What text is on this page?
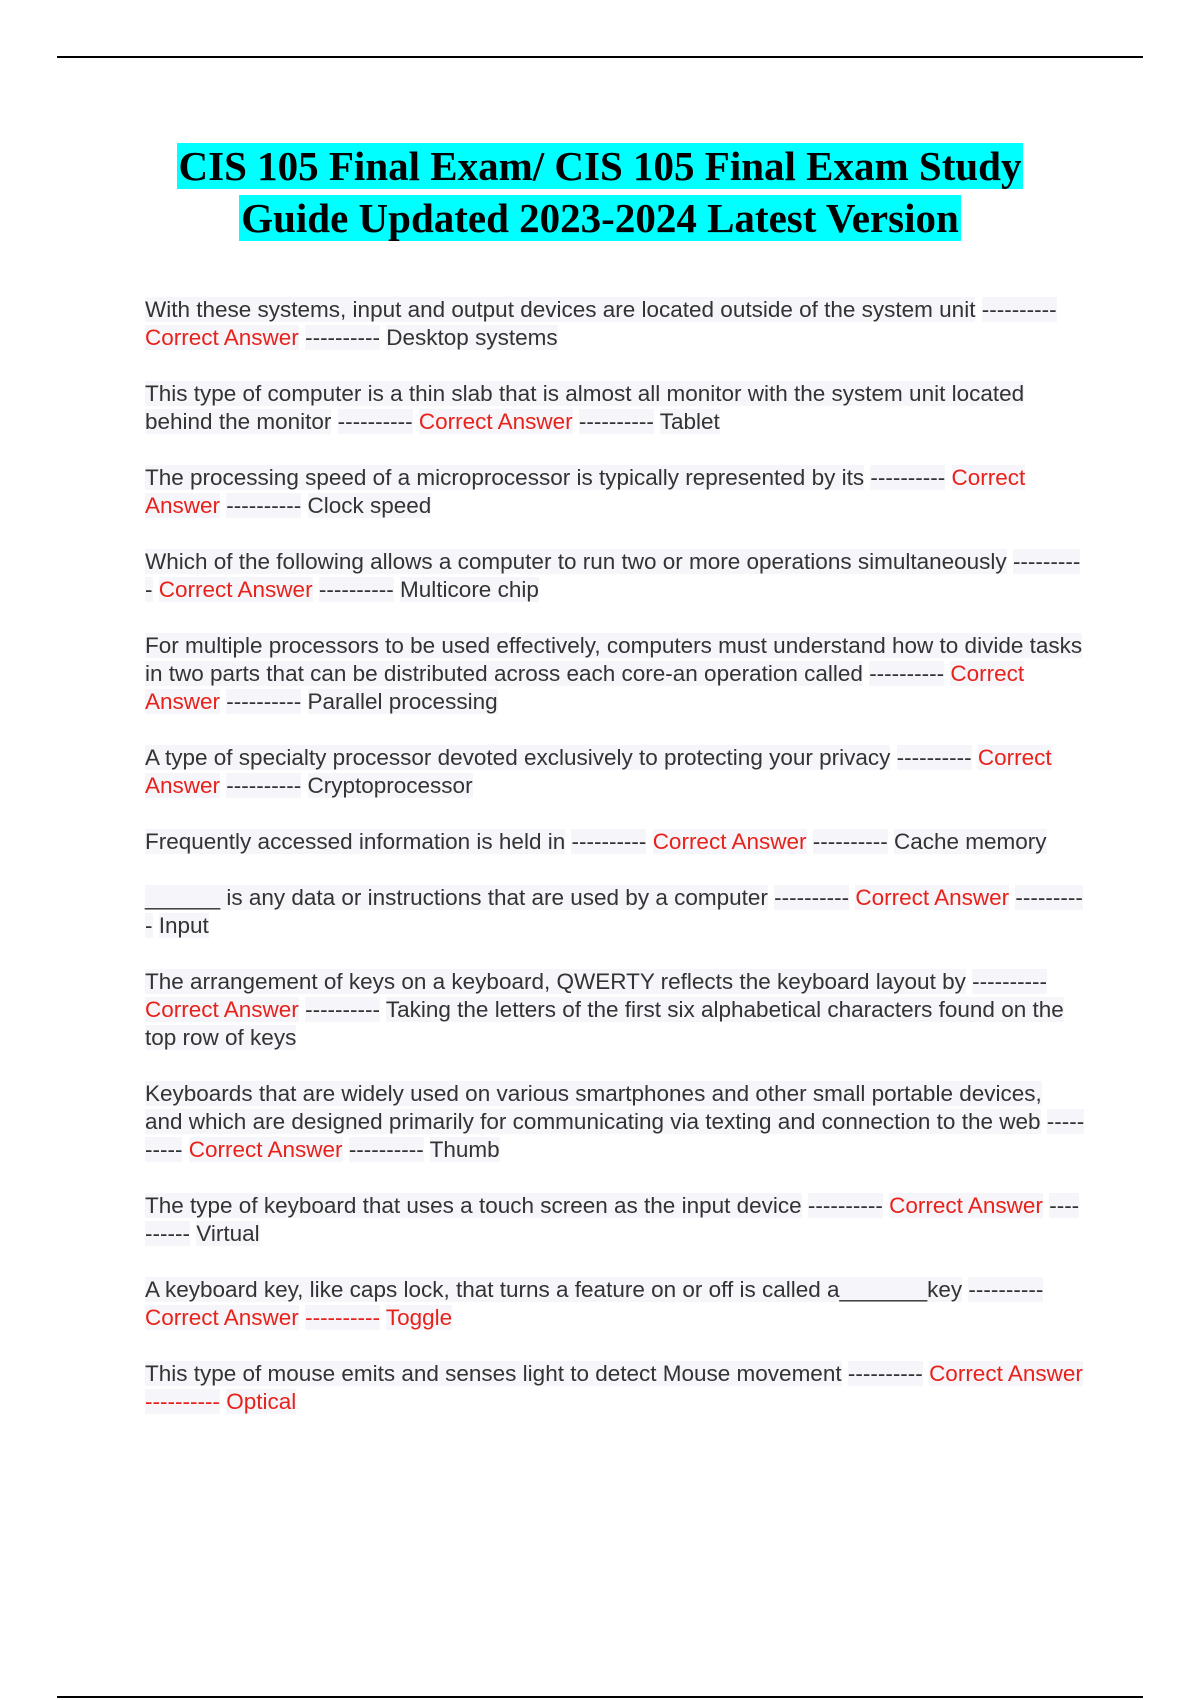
CIS 105 Final Exam/ CIS 105 Final Exam Study
Guide Updated 2023-2024 Latest Version
With these systems, input and output devices are located outside of the system unit ---------- Correct Answer ---------- Desktop systems
This type of computer is a thin slab that is almost all monitor with the system unit located behind the monitor ---------- Correct Answer ---------- Tablet
The processing speed of a microprocessor is typically represented by its ---------- Correct Answer ---------- Clock speed
Which of the following allows a computer to run two or more operations simultaneously ---------- Correct Answer ---------- Multicore chip
For multiple processors to be used effectively, computers must understand how to divide tasks in two parts that can be distributed across each core-an operation called ---------- Correct Answer ---------- Parallel processing
A type of specialty processor devoted exclusively to protecting your privacy ---------- Correct Answer ---------- Cryptoprocessor
Frequently accessed information is held in ---------- Correct Answer ---------- Cache memory
______ is any data or instructions that are used by a computer ---------- Correct Answer ---------- Input
The arrangement of keys on a keyboard, QWERTY reflects the keyboard layout by ---------- Correct Answer ---------- Taking the letters of the first six alphabetical characters found on the top row of keys
Keyboards that are widely used on various smartphones and other small portable devices, and which are designed primarily for communicating via texting and connection to the web ---------- Correct Answer ---------- Thumb
The type of keyboard that uses a touch screen as the input device ---------- Correct Answer ---------- Virtual
A keyboard key, like caps lock, that turns a feature on or off is called a_______key ---------- Correct Answer ---------- Toggle
This type of mouse emits and senses light to detect Mouse movement ---------- Correct Answer ---------- Optical
